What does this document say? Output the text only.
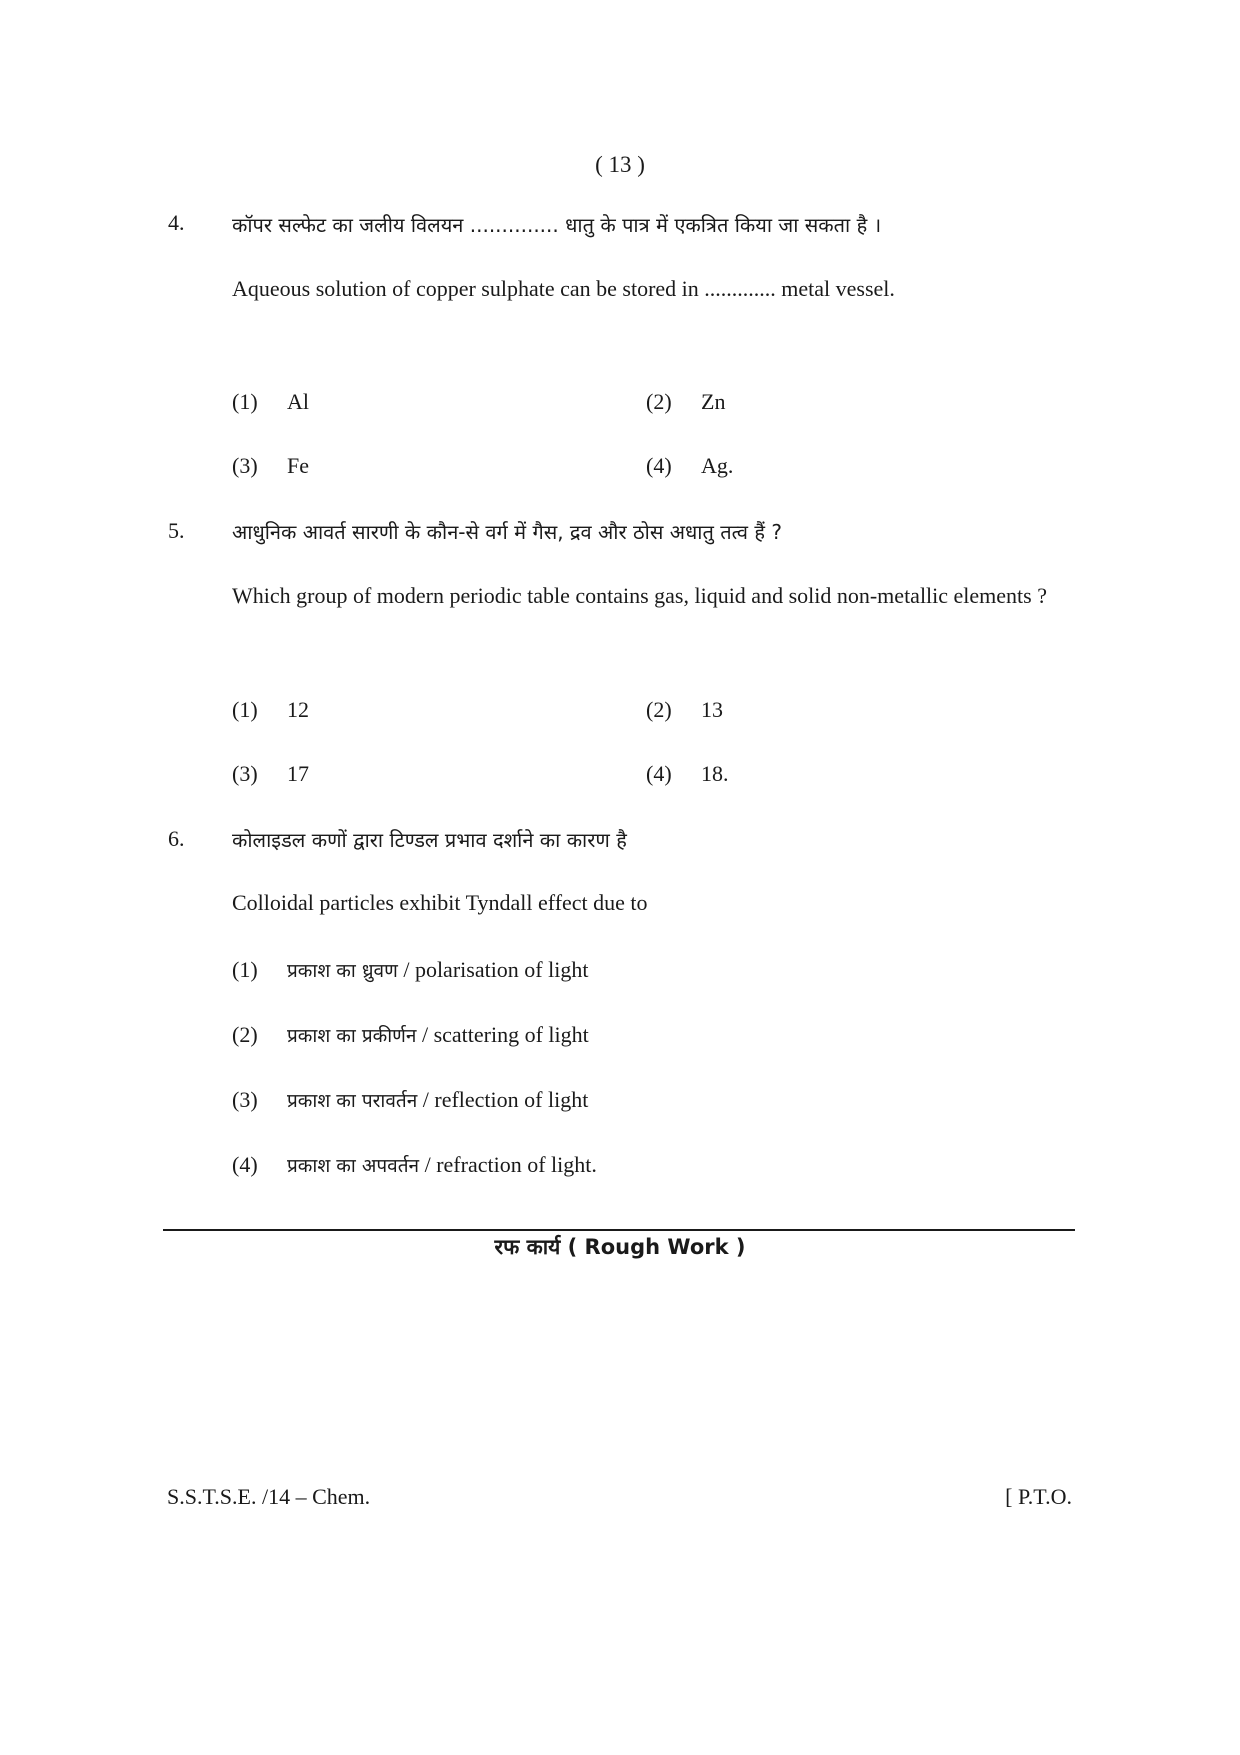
( 13 )
4. कॉपर सल्फेट का जलीय विलयन .............. धातु के पात्र में एकत्रित किया जा सकता है ।
Aqueous solution of copper sulphate can be stored in ............. metal vessel.
(1) Al	(2) Zn
(3) Fe	(4) Ag.
5. आधुनिक आवर्त सारणी के कौन-से वर्ग में गैस, द्रव और ठोस अधातु तत्व हैं ?
Which group of modern periodic table contains gas, liquid and solid non-metallic elements ?
(1) 12	(2) 13
(3) 17	(4) 18.
6. कोलाइडल कणों द्वारा टिण्डल प्रभाव दर्शाने का कारण है
Colloidal particles exhibit Tyndall effect due to
(1) प्रकाश का ध्रुवण / polarisation of light
(2) प्रकाश का प्रकीर्णन / scattering of light
(3) प्रकाश का परावर्तन / reflection of light
(4) प्रकाश का अपवर्तन / refraction of light.
रफ कार्य ( Rough Work )
S.S.T.S.E. /14 – Chem.	[ P.T.O.
